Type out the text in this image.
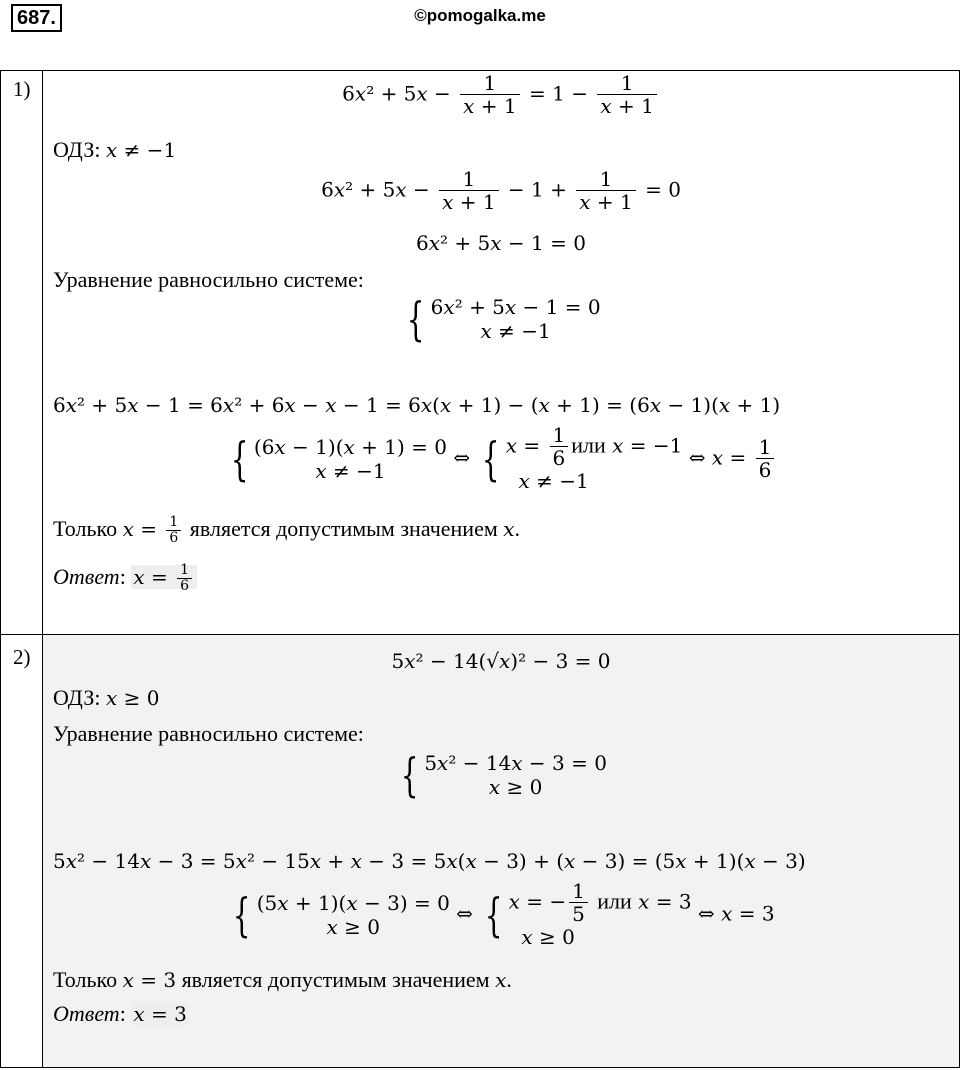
687.	©pomogalka.me
1)	$6x^2 + 5x - \frac{1}{x + 1} = 1 - \frac{1}{x + 1}$
ОДЗ: x ≠ −1
$6x^2 + 5x - \frac{1}{x + 1} - 1 + \frac{1}{x + 1} = 0$
6x² + 5x − 1 = 0
Уравнение равносильно системе:
{ 6x² + 5x − 1 = 0
x ≠ −1
6x² + 5x − 1 = 6x² + 6x − x − 1 = 6x(x + 1) − (x + 1) = (6x − 1)(x + 1)
{ (6x − 1)(x + 1) = 0
x ≠ −1
⇔ { $x = \frac{1}{6}$ или x = −1
x ≠ −1
⇔ $x = \frac{1}{6}$
Только $x = \frac{1}{6}$ является допустимым значением x.
Ответ: $x = \frac{1}{6}$
2)	5x² − 14(√x)² − 3 = 0
ОДЗ: x ≥ 0
Уравнение равносильно системе:
{ 5x² − 14x − 3 = 0
x ≥ 0
5x² − 14x − 3 = 5x² − 15x + x − 3 = 5x(x − 3) + (x − 3) = (5x + 1)(x − 3)
{ (5x + 1)(x − 3) = 0
x ≥ 0
⇔ { x = − $\frac{1}{5}$ или x = 3
x ≥ 0
⇔ x = 3
Только x = 3 является допустимым значением x.
Ответ: x = 3
